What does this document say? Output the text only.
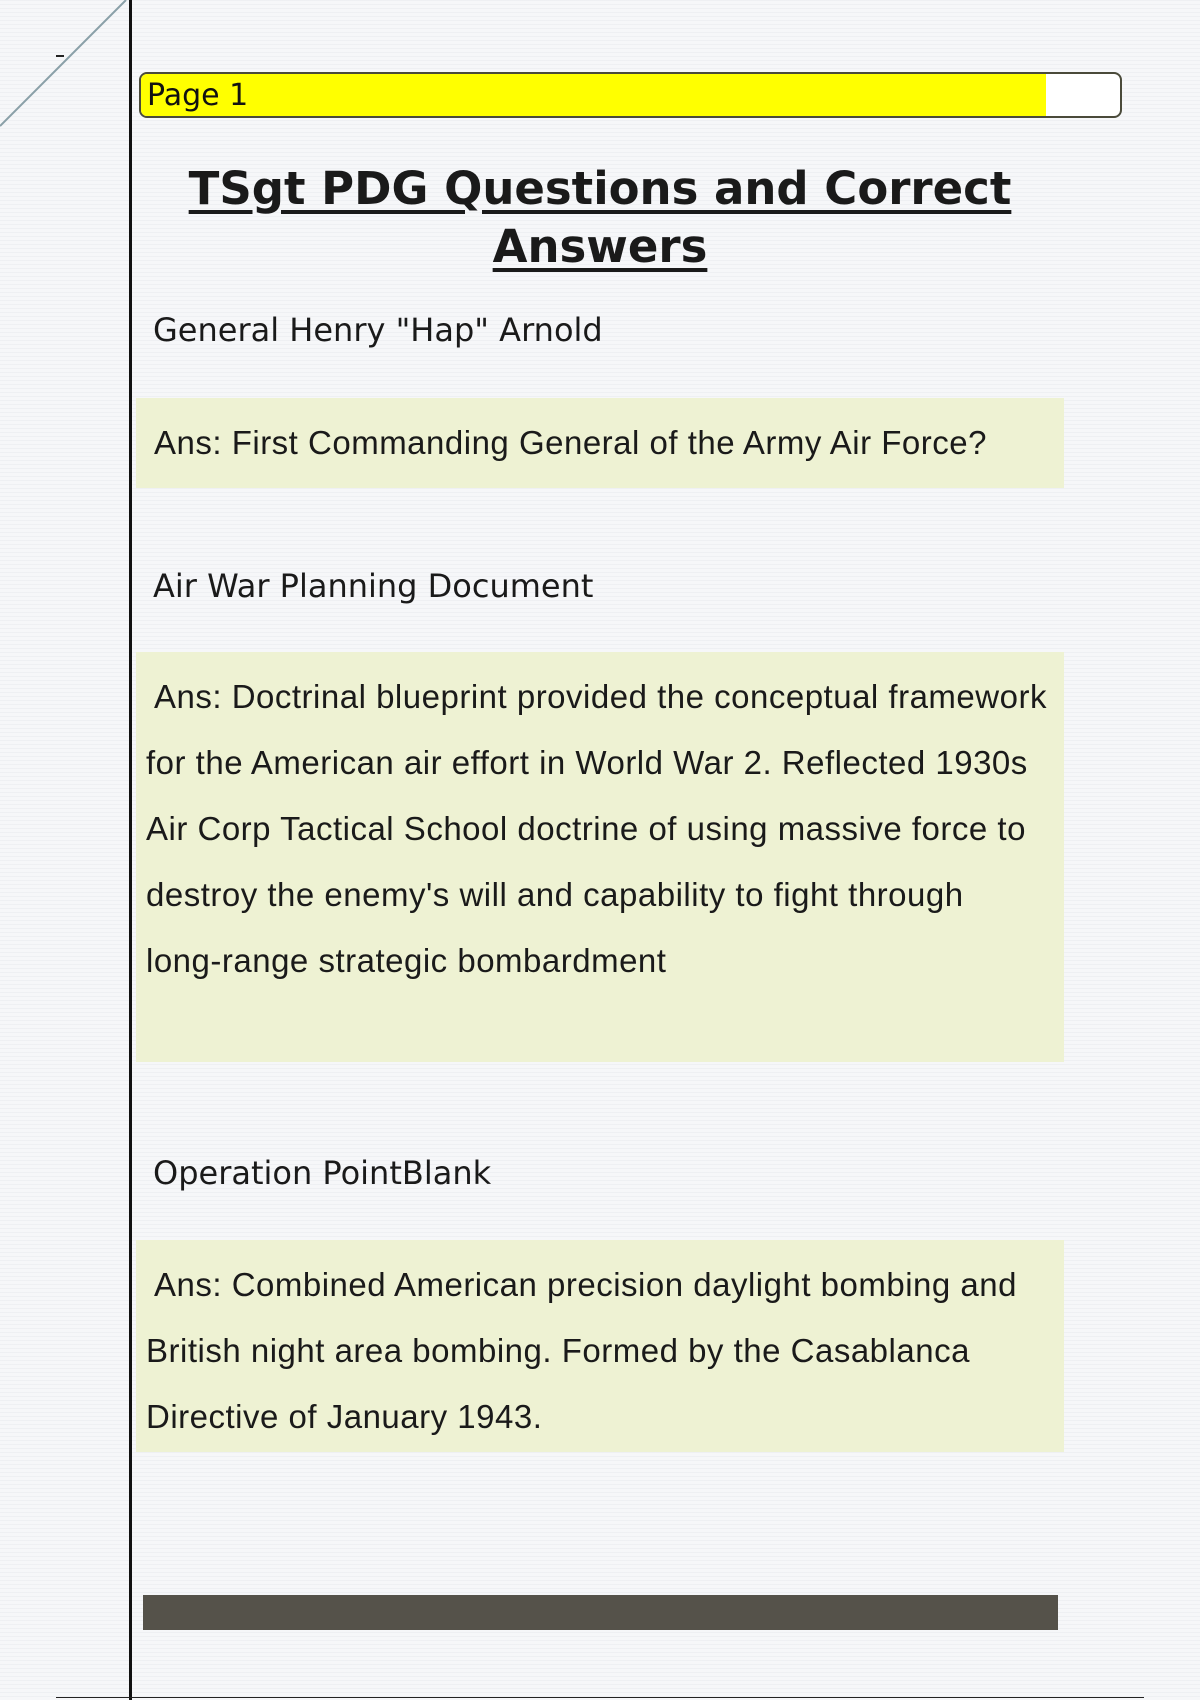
Page 1
TSgt PDG Questions and Correct Answers
General Henry "Hap" Arnold
Ans: First Commanding General of the Army Air Force?
Air War Planning Document
Ans: Doctrinal blueprint provided the conceptual framework for the American air effort in World War 2. Reflected 1930s Air Corp Tactical School doctrine of using massive force to destroy the enemy's will and capability to fight through long-range strategic bombardment
Operation PointBlank
Ans: Combined American precision daylight bombing and British night area bombing. Formed by the Casablanca Directive of January 1943.
